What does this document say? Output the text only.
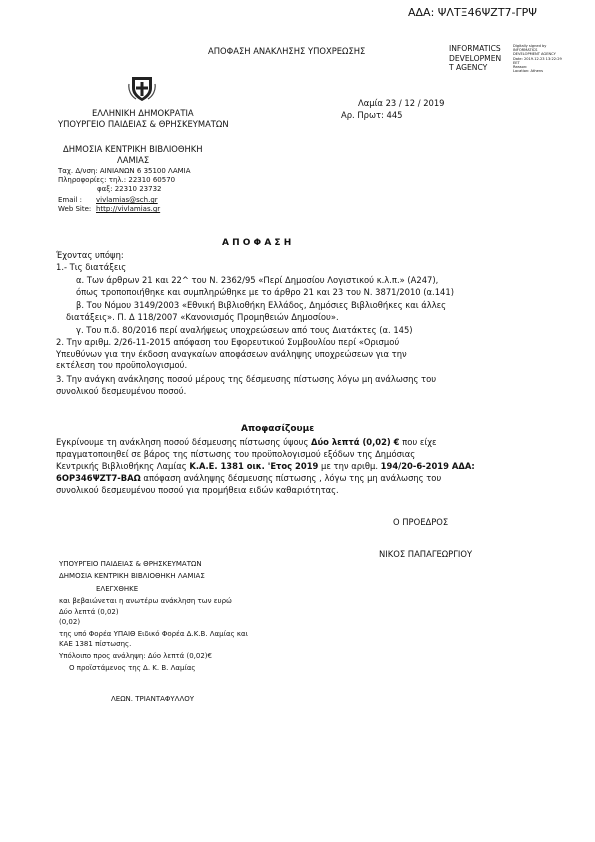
ΑΔΑ: ΨΛΤΞ46ΨΖΤ7-ΓΡΨ
ΑΠΟΦΑΣΗ ΑΝΑΚΛΗΣΗΣ ΥΠΟΧΡΕΩΣΗΣ	INFORMATICS
DEVELOPMEN
T AGENCY
Digitally signed by
INFORMATICS
DEVELOPMENT AGENCY
Date: 2019.12.23 13:22:29
EET
Reason:
Location: Athens
ΕΛΛΗΝΙΚΗ ΔΗΜΟΚΡΑΤΙΑ
ΥΠΟΥΡΓΕΙΟ ΠΑΙΔΕΙΑΣ & ΘΡΗΣΚΕΥΜΑΤΩΝ
ΔΗΜΟΣΙΑ ΚΕΝΤΡΙΚΗ ΒΙΒΛΙΟΘΗΚΗ
ΛΑΜΙΑΣ
Ταχ. Δ/νση: ΑΙΝΙΑΝΩΝ 6 35100 ΛΑΜΙΑ
Πληροφορίες: τηλ.: 22310 60570
φαξ: 22310 23732
Email : vivlamias@sch.gr
Web Site: http://vivlamias.gr
Λαμία 23 / 12 / 2019
Αρ. Πρωτ: 445
Α Π Ο Φ Α Σ Η
Έχοντας υπόψη:
1.- Τις διατάξεις
α. Των άρθρων 21 και 22^ του Ν. 2362/95 «Περί Δημοσίου Λογιστικού κ.λ.π.» (Α247),
όπως τροποποιήθηκε και συμπληρώθηκε με το άρθρο 21 και 23 του Ν. 3871/2010 (α.141)
β. Του Νόμου 3149/2003 «Εθνική Βιβλιοθήκη Ελλάδος, Δημόσιες Βιβλιοθήκες και άλλες
διατάξεις». Π. Δ 118/2007 «Κανονισμός Προμηθειών Δημοσίου».
γ. Του π.δ. 80/2016 περί αναλήψεως υποχρεώσεων από τους Διατάκτες (α. 145)
2. Την αριθμ. 2/26-11-2015 απόφαση του Εφορευτικού Συμβουλίου περί «Ορισμού
Υπευθύνων για την έκδοση αναγκαίων αποφάσεων ανάληψης υποχρεώσεων για την
εκτέλεση του προϋπολογισμού.
3. Την ανάγκη ανάκλησης ποσού μέρους της δέσμευσης πίστωσης λόγω μη ανάλωσης του
συνολικού δεσμευμένου ποσού.
Αποφασίζουμε
Εγκρίνουμε τη ανάκληση ποσού δέσμευσης πίστωσης ύψους Δύο λεπτά (0,02) € που είχε
πραγματοποιηθεί σε βάρος της πίστωσης του προϋπολογισμού εξόδων της Δημόσιας
Κεντρικής Βιβλιοθήκης Λαμίας Κ.Α.Ε. 1381 οικ. 'Ετος 2019 με την αριθμ. 194/20-6-2019 ΑΔΑ:
6ΟΡ346ΨΖΤ7-ΒΑΩ απόφαση ανάληψης δέσμευσης πίστωσης , λόγω της μη ανάλωσης του
συνολικού δεσμευμένου ποσού για προμήθεια ειδών καθαριότητας.
Ο ΠΡΟΕΔΡΟΣ
ΝΙΚΟΣ ΠΑΠΑΓΕΩΡΓΙΟΥ
ΥΠΟΥΡΓΕΙΟ ΠΑΙΔΕΙΑΣ & ΘΡΗΣΚΕΥΜΑΤΩΝ
ΔΗΜΟΣΙΑ ΚΕΝΤΡΙΚΗ ΒΙΒΛΙΟΘΗΚΗ ΛΑΜΙΑΣ
ΕΛΕΓΧΘΗΚΕ
και βεβαιώνεται η ανωτέρω ανάκληση των ευρώ
Δύο λεπτά (0,02)
(0,02)
της υπό Φορέα ΥΠΑΙΘ Ειδικό Φορέα Δ.Κ.Β. Λαμίας και
ΚΑΕ 1381 πίστωσης.
Υπόλοιπο προς ανάληψη: Δύο λεπτά (0,02)€
Ο προϊστάμενος της Δ. Κ. Β. Λαμίας
ΛΕΩΝ. ΤΡΙΑΝΤΑΦΥΛΛΟΥ
